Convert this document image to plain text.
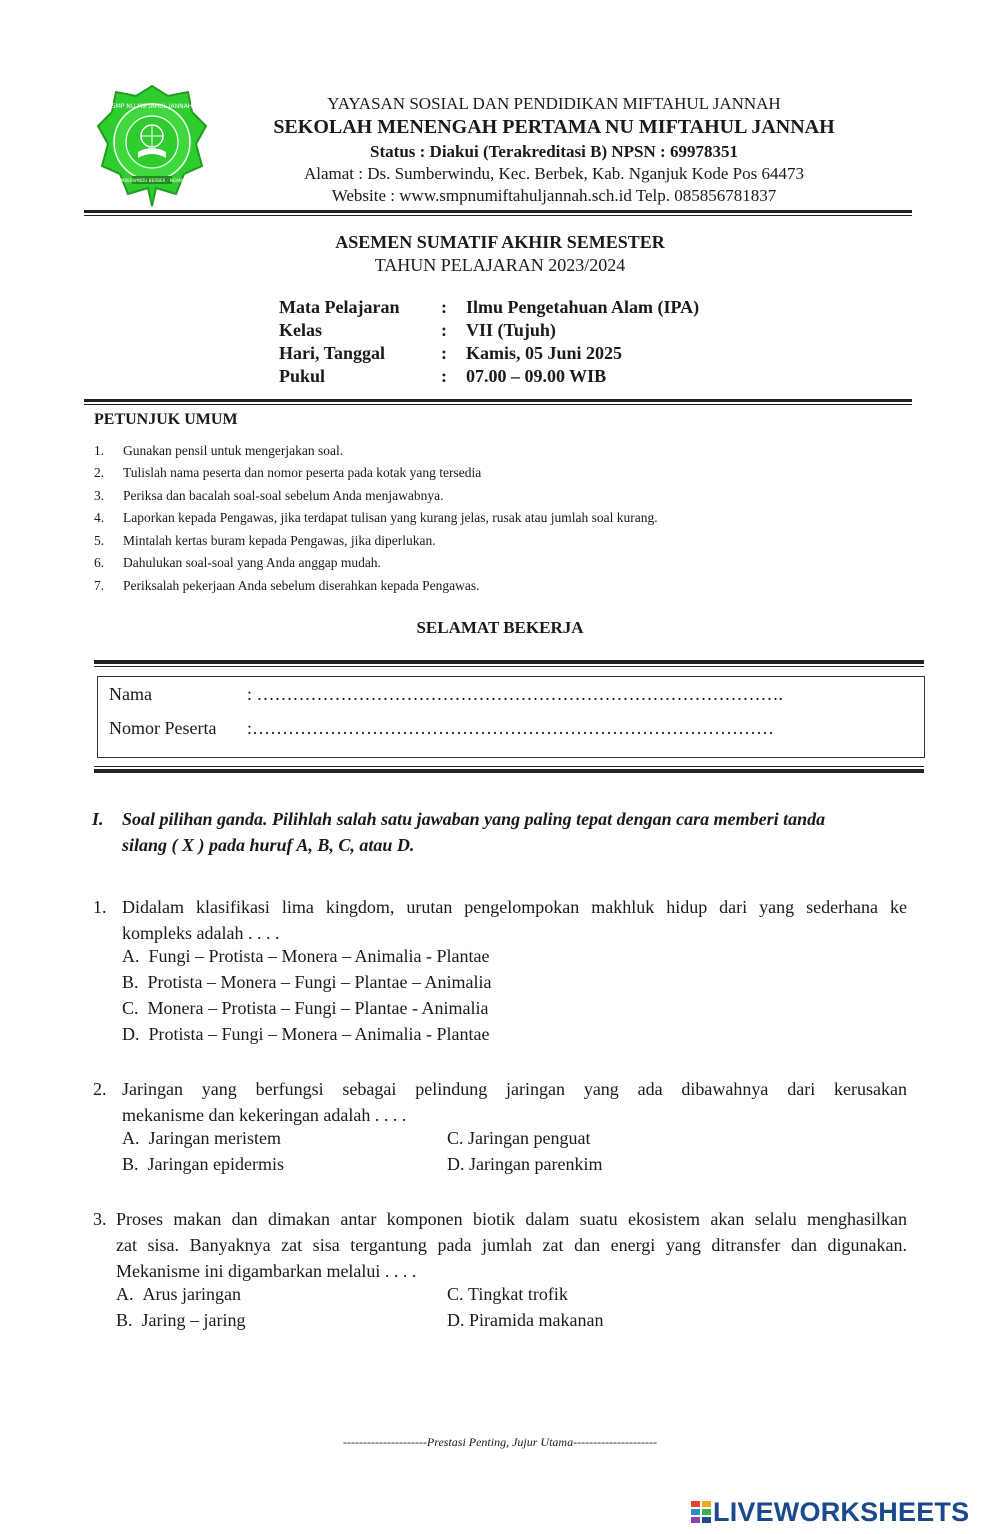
SMP NU MIFTAHUL JANNAH
SUMBERWINDU BERBEK - NGANJUK
YAYASAN SOSIAL DAN PENDIDIKAN MIFTAHUL JANNAH
SEKOLAH MENENGAH PERTAMA NU MIFTAHUL JANNAH
Status : Diakui (Terakreditasi B) NPSN : 69978351
Alamat : Ds. Sumberwindu, Kec. Berbek, Kab. Nganjuk Kode Pos 64473
Website : www.smpnumiftahuljannah.sch.id Telp. 085856781837
ASEMEN SUMATIF AKHIR SEMESTER
TAHUN PELAJARAN 2023/2024
Mata Pelajaran	: Ilmu Pengetahuan Alam (IPA)
Kelas	: VII (Tujuh)
Hari, Tanggal	: Kamis, 05 Juni 2025
Pukul	: 07.00 – 09.00 WIB
PETUNJUK UMUM
1. Gunakan pensil untuk mengerjakan soal.
2. Tulislah nama peserta dan nomor peserta pada kotak yang tersedia
3. Periksa dan bacalah soal-soal sebelum Anda menjawabnya.
4. Laporkan kepada Pengawas, jika terdapat tulisan yang kurang jelas, rusak atau jumlah soal kurang.
5. Mintalah kertas buram kepada Pengawas, jika diperlukan.
6. Dahulukan soal-soal yang Anda anggap mudah.
7. Periksalah pekerjaan Anda sebelum diserahkan kepada Pengawas.
SELAMAT BEKERJA
Nama	: …………………………………………………………………………….
Nomor Peserta :……………………………………………………………………………
I. Soal pilihan ganda. Pilihlah salah satu jawaban yang paling tepat dengan cara memberi tanda
silang ( X ) pada huruf A, B, C, atau D.
1. Didalam klasifikasi lima kingdom, urutan pengelompokan makhluk hidup dari yang sederhana ke
kompleks adalah . . . .
A. Fungi – Protista – Monera – Animalia - Plantae
B. Protista – Monera – Fungi – Plantae – Animalia
C. Monera – Protista – Fungi – Plantae - Animalia
D. Protista – Fungi – Monera – Animalia - Plantae
2. Jaringan yang berfungsi sebagai pelindung jaringan yang ada dibawahnya dari kerusakan
mekanisme dan kekeringan adalah . . . .
A. Jaringan meristem	C. Jaringan penguat
B. Jaringan epidermis	D. Jaringan parenkim
3. Proses makan dan dimakan antar komponen biotik dalam suatu ekosistem akan selalu menghasilkan
zat sisa. Banyaknya zat sisa tergantung pada jumlah zat dan energi yang ditransfer dan digunakan.
Mekanisme ini digambarkan melalui . . . .
A. Arus jaringan	C. Tingkat trofik
B. Jaring – jaring	D. Piramida makanan
---------------------Prestasi Penting, Jujur Utama---------------------
LIVEWORKSHEETS
